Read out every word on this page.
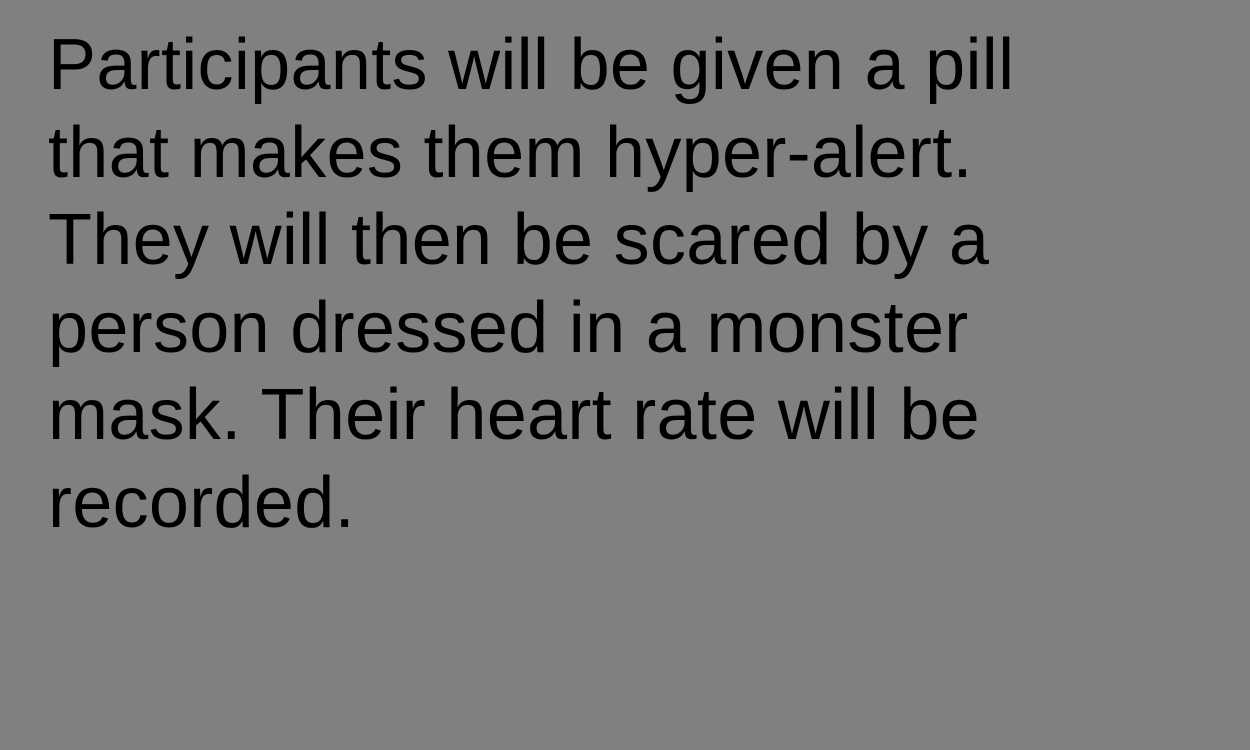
Participants will be given a pill
that makes them hyper-alert.
They will then be scared by a
person dressed in a monster
mask. Their heart rate will be
recorded.
